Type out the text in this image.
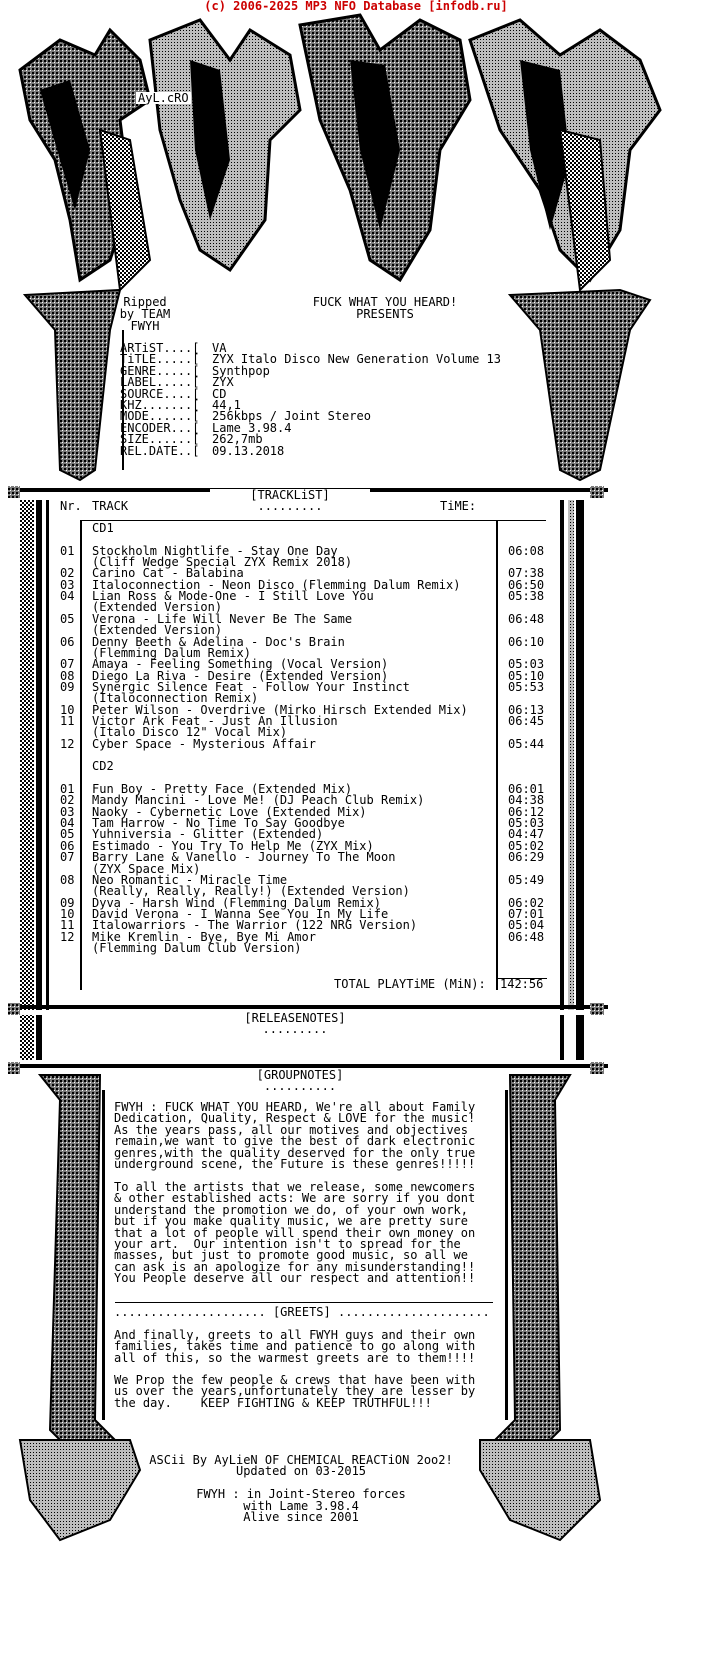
(c) 2006-2025 MP3 NFO Database [infodb.ru]
AyL.cRO
Ripped
by TEAM
FWYH
FUCK WHAT YOU HEARD!
PRESENTS
ARTiST....[	VA
TiTLE.....[	ZYX Italo Disco New Generation Volume 13
GENRE.....[	Synthpop
LABEL.....[	ZYX
SOURCE....[	CD
KHZ.......[	44,1
MODE......[	256kbps / Joint Stereo
ENCODER...[	Lame 3.98.4
SIZE......[	262,7mb
REL.DATE..[	09.13.2018
[TRACKLiST]
.........
Nr. TRACK	TiME:
CD1
01 Stockholm Nightlife - Stay One Day	06:08
(Cliff Wedge Special ZYX Remix 2018)
02 Carino Cat - Balabina	07:38
03 Italoconnection - Neon Disco (Flemming Dalum Remix)	06:50
04 Lian Ross & Mode-One - I Still Love You	05:38
(Extended Version)
05 Verona - Life Will Never Be The Same	06:48
(Extended Version)
06 Denny Beeth & Adelina - Doc's Brain	06:10
(Flemming Dalum Remix)
07 Amaya - Feeling Something (Vocal Version)	05:03
08 Diego La Riva - Desire (Extended Version)	05:10
09 Synergic Silence Feat - Follow Your Instinct	05:53
(Italoconnection Remix)
10 Peter Wilson - Overdrive (Mirko Hirsch Extended Mix)	06:13
11 Victor Ark Feat - Just An Illusion	06:45
(Italo Disco 12" Vocal Mix)
12 Cyber Space - Mysterious Affair	05:44
CD2
01 Fun Boy - Pretty Face (Extended Mix)	06:01
02 Mandy Mancini - Love Me! (DJ Peach Club Remix)	04:38
03 Naoky - Cybernetic Love (Extended Mix)	06:12
04 Tam Harrow - No Time To Say Goodbye	05:03
05 Yuhniversia - Glitter (Extended)	04:47
06 Estimado - You Try To Help Me (ZYX Mix)	05:02
07 Barry Lane & Vanello - Journey To The Moon	06:29
(ZYX Space Mix)
08 Neo Romantic - Miracle Time	05:49
(Really, Really, Really!) (Extended Version)
09 Dyva - Harsh Wind (Flemming Dalum Remix)	06:02
10 David Verona - I Wanna See You In My Life	07:01
11 Italowarriors - The Warrior (122 NRG Version)	05:04
12 Mike Kremlin - Bye, Bye Mi Amor	06:48
(Flemming Dalum Club Version)
TOTAL PLAYTiME (MiN): 142:56
[RELEASENOTES]
.........
[GROUPNOTES]
..........
FWYH : FUCK WHAT YOU HEARD, We're all about Family
Dedication, Quality, Respect & LOVE for the music!
As the years pass, all our motives and objectives
remain,we want to give the best of dark electronic
genres,with the quality deserved for the only true
underground scene, the Future is these genres!!!!!
To all the artists that we release, some newcomers
& other established acts: We are sorry if you dont
understand the promotion we do, of your own work,
but if you make quality music, we are pretty sure
that a lot of people will spend their own money on
your art.  Our intention isn't to spread for the
masses, but just to promote good music, so all we
can ask is an apologize for any misunderstanding!!
You People deserve all our respect and attention!!
..................... [GREETS] .....................
And finally, greets to all FWYH guys and their own
families, takes time and patience to go along with
all of this, so the warmest greets are to them!!!!
We Prop the few people & crews that have been with
us over the years,unfortunately they are lesser by
the day.    KEEP FIGHTING & KEEP TRUTHFUL!!!
ASCii By AyLieN OF CHEMICAL REACTiON 2oo2!
Updated on 03-2015
FWYH : in Joint-Stereo forces
with Lame 3.98.4
Alive since 2001
